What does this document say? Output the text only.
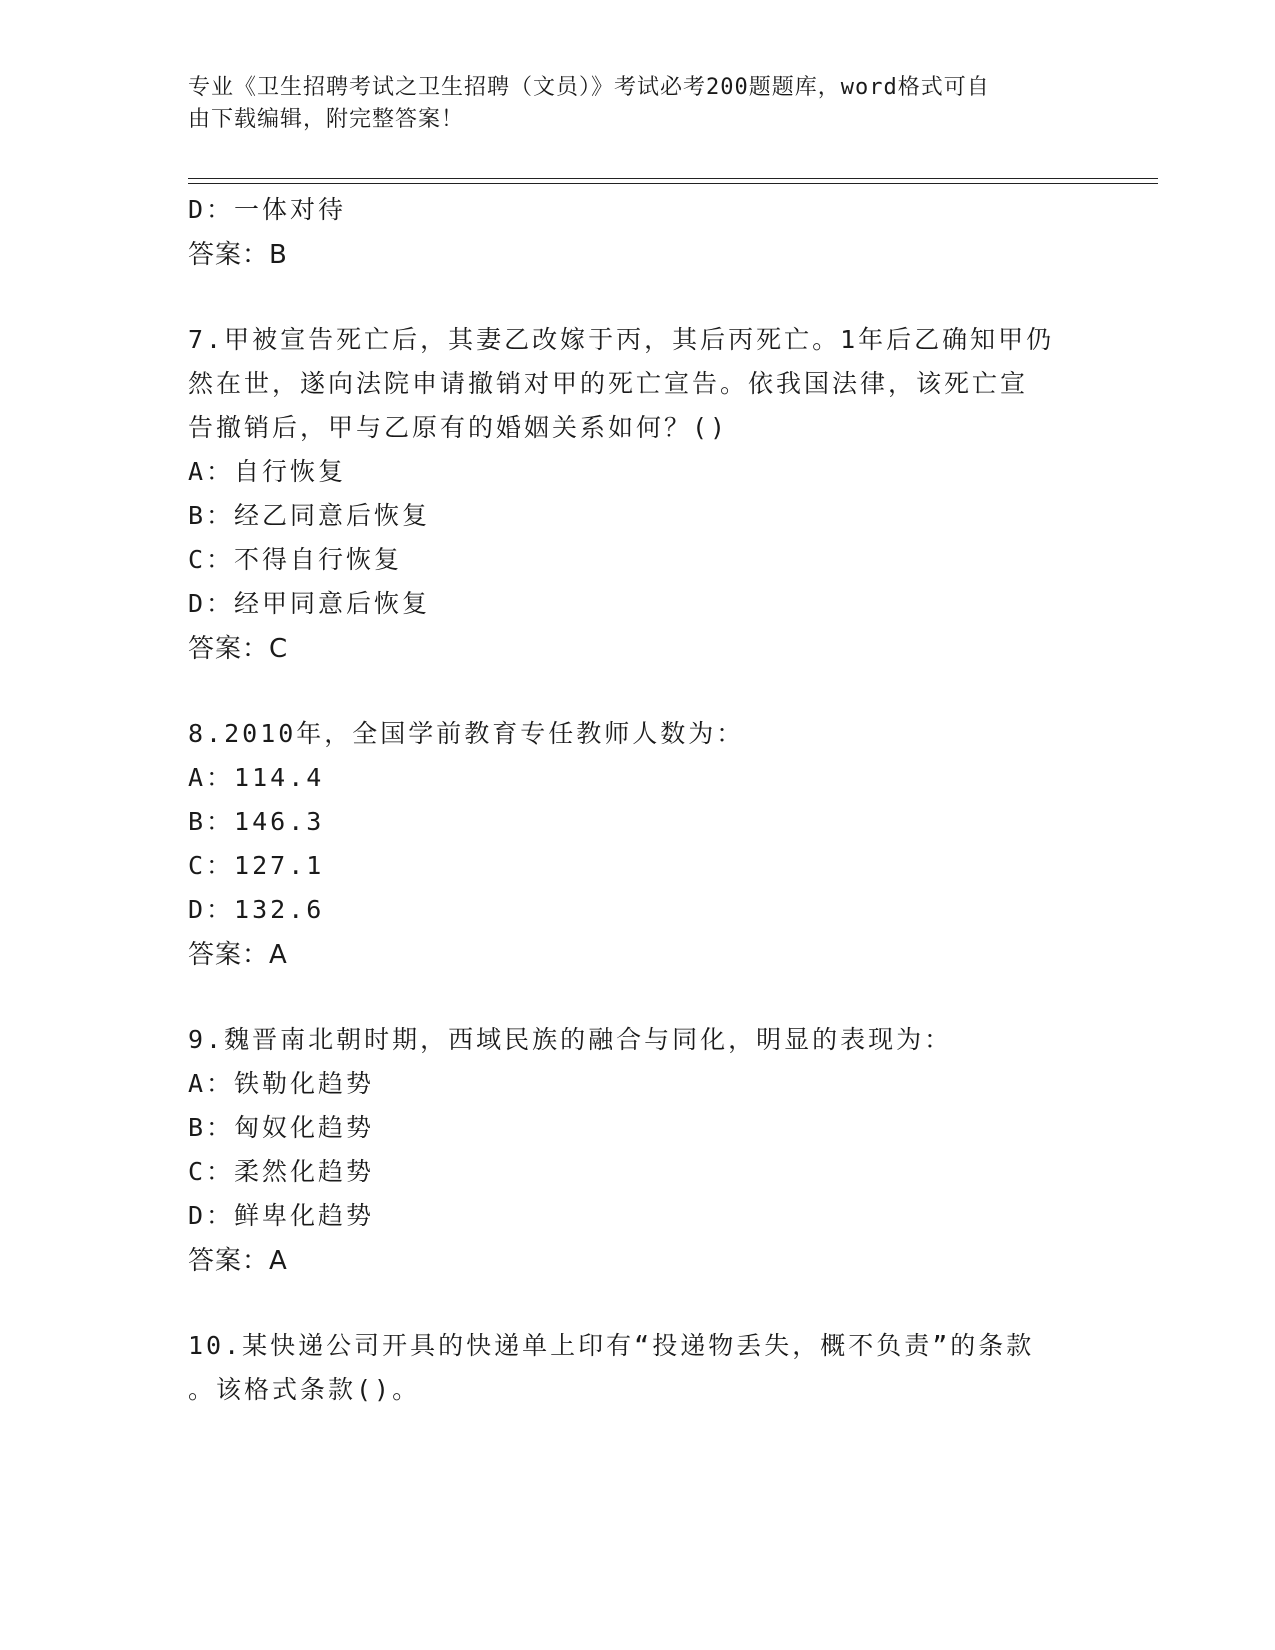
专业《卫生招聘考试之卫生招聘（文员）》考试必考200题题库，word格式可自
由下载编辑，附完整答案！
D：一体对待
答案：B
7.甲被宣告死亡后，其妻乙改嫁于丙，其后丙死亡。1年后乙确知甲仍
然在世，遂向法院申请撤销对甲的死亡宣告。依我国法律，该死亡宣
告撤销后，甲与乙原有的婚姻关系如何？()
A：自行恢复
B：经乙同意后恢复
C：不得自行恢复
D：经甲同意后恢复
答案：C
8.2010年，全国学前教育专任教师人数为：
A：114.4
B：146.3
C：127.1
D：132.6
答案：A
9.魏晋南北朝时期，西域民族的融合与同化，明显的表现为：
A：铁勒化趋势
B：匈奴化趋势
C：柔然化趋势
D：鲜卑化趋势
答案：A
10.某快递公司开具的快递单上印有“投递物丢失，概不负责”的条款
。该格式条款()。
